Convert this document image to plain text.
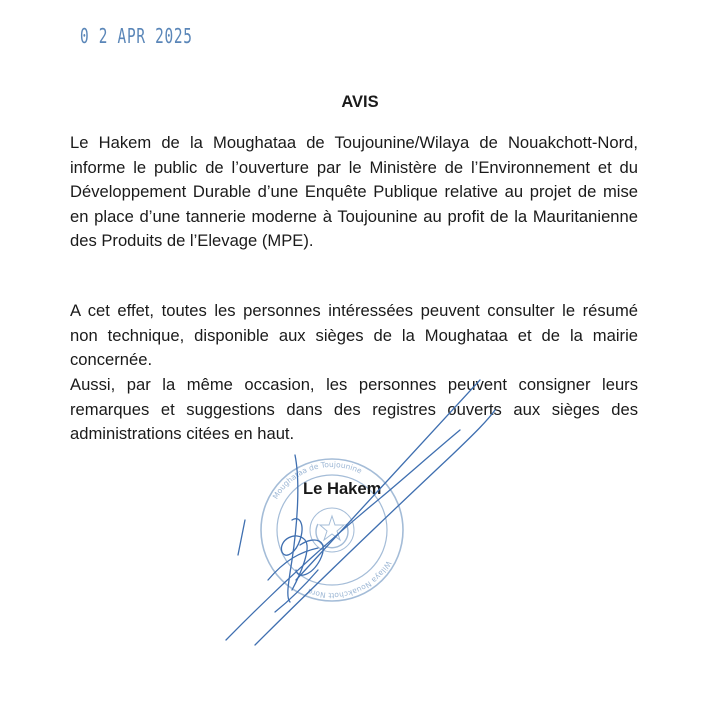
0 2 APR 2025
AVIS

Le Hakem de la Moughataa de Toujounine/Wilaya de Nouakchott-Nord, informe le public de l’ouverture par le Ministère de l’Environnement et du Développement Durable d’une Enquête Publique relative au projet de mise en place d’une tannerie moderne à Toujounine au profit de la Mauritanienne des Produits de l’Elevage (MPE).

A cet effet, toutes les personnes intéressées peuvent consulter le résumé non technique, disponible aux sièges de la Moughataa et de la mairie concernée.

Aussi, par la même occasion, les personnes peuvent consigner leurs remarques et suggestions dans des registres ouverts aux sièges des administrations citées en haut.

Moughataa de Toujounine
Wilaya Nouakchott Nord
Le Hakem
